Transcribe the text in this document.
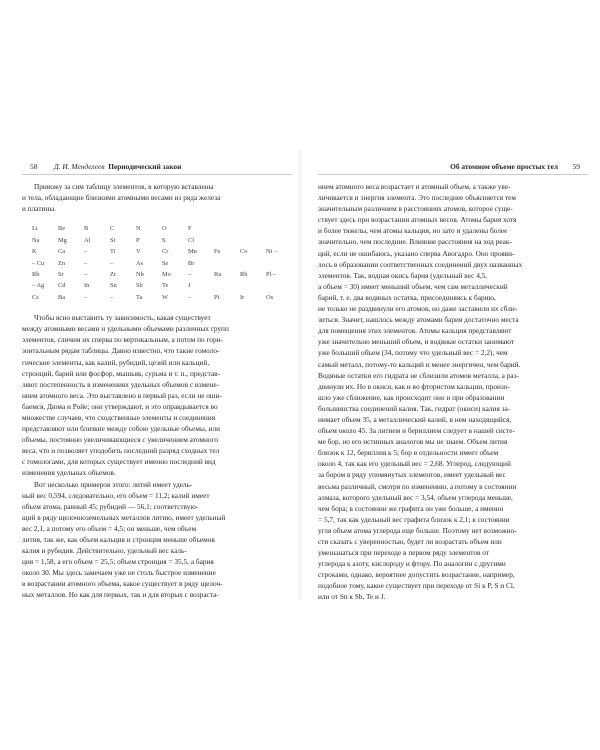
58 Д. И. Менделеев Периодический закон
Привожу за сим таблицу элементов, в которую вставлены
и тела, обладающие близкими атомными весами из ряда железа
и платины.
Li	Be	B	C	N	O	F			
Na	Mg	Al	Si	P	S	Cl			
K	Ca	–	Ti	V	Cr	Mn	Fe	Co	Ni –
– Cu	Zn	–	–	As	Se	Br			
Rb	Sr	–	Zr	Nb	Mo	–	Ru	Rh	Pl –
– Ag	Cd	In	Sn	Sb	Te	J			
Cs	Ba	–	–	Ta	W	–	Pt	Ir	Os
Чтобы ясно выставить ту зависимость, какая существует
между атомными весами и удельными объемами различных групп
элементов, сличим их сперва по вертикальным, а потом по гори-
зонтальным рядам таблицы. Давно известно, что такие гомоло-
гические элементы, как калий, рубидий, цезий или кальций,
стронций, барий или фосфор, мышьяк, сурьма и т. п., представ-
ляют постепенность в изменениях удельных объемов с измене-
нием атомного веса. Это выставлено в первый раз, если не оши-
баемся, Дюма и Ройе; они утверждают, и это оправдывается во
множестве случаев, что сходственные элементы и соединения
представляют или близкие между собою удельные объемы, или
объемы, постоянно увеличивающиеся с увеличением атомного
веса, что и позволяет уподобить последний разряд сходных тел
с гомологами, для которых существует именно последний вид
изменения удельных объемов.
Вот несколько примеров этого: литий имеет удель-
ный вес 0,594, следовательно, его объем = 11,2; калий имеет
объем атома, равный 45; рубидий — 56,1; соответствую-
щий в ряду щелочноземельных металлов литию, имеет удельный
вес 2,1, а потому его объем = 4,5; он меньше, чем объем
лития, так же, как объем кальция и стронция меньше объемов
калия и рубидия. Действительно, удельный вес каль-
ция = 1,58, а его объем = 25,5; объем стронция = 35,5, а бария
около 30. Мы здесь замечаем уже не столь быстрое изменение
в возрастании атомного объема, какое существует в ряду щелоч-
ных металлов. Но как для первых, так и для вторых с возраста-
Об атомном объеме простых тел 59
нием атомного веса возрастает и атомный объем, а также уве-
личивается и энергия элемента. Это последнее объясняется тем
значительным различием в расстояниях атомов, которое суще-
ствует здесь при возрастании атомных весов. Атомы бария хотя
и более тяжелы, чем атомы кальция, но зато и удалены более
значительно, чем последние. Влияние расстояния на ход реак-
ций, если не ошибаюсь, указано сперва Авогадро. Оно прояви-
лось в образовании соответственных соединений двух названных
элементов. Так, водная окись бария (удельный вес 4,5,
а объем = 30) имеет меньший объем, чем сам металлический
барий, т. е. два водяных остатка, присоединяясь к барию,
не только не раздвинули его атомов, но даже заставили их сбли-
зиться. Значит, нашлось между атомами бария достаточно места
для помещения этих элементов. Атомы кальция представляют
уже значительно меньший объем, и водяные остатки занимают
уже больший объем (34, потому что удельный вес = 2,2), чем
самый металл, потому-то кальций и менее энергичен, чем барий.
Водяные остатки его гидрата не сблизили атомов металла, а раз-
двинули их. Но в окиси, как и во фтористом кальции, произо-
шло уже сближение, как происходит оно и при образовании
большинства соединений калия. Так, гидрат (окиси) калия за-
нимает объем 35, а металлический калий, в нем находящийся,
объем около 45. За литием и бериллием следует в нашей систе-
ме бор, но его истинных аналогов мы не знаем. Объем лития
близок к 12, бериллия к 5; бор в отдельности имеет объем
около 4, так как его удельный вес = 2,68. Углерод, следующий
за бором в ряду упомянутых элементов, имеет удельный вес
весьма различный, смотря по изменению, а потому в состоянии
алмаза, которого удельный вес = 3,54, объем углерода меньше,
чем бора; в состоянии же графита он уже больше, а именно
= 5,7, так как удельный вес графита близок к 2,1; в состоянии
угля объем атома углерода еще больше. Поэтому нет возможно-
сти сказать с уверенностью, будет ли возрастать объем или
уменьшаться при переходе в первом ряду элементов от
углерода к азоту, кислороду и фтору. По аналогии с другими
строками, однако, вероятнее допустить возрастание, например,
подобное тому, какое существует при переходе от Si к P, S и Cl,
или от Sn к Sb, Te и J.
